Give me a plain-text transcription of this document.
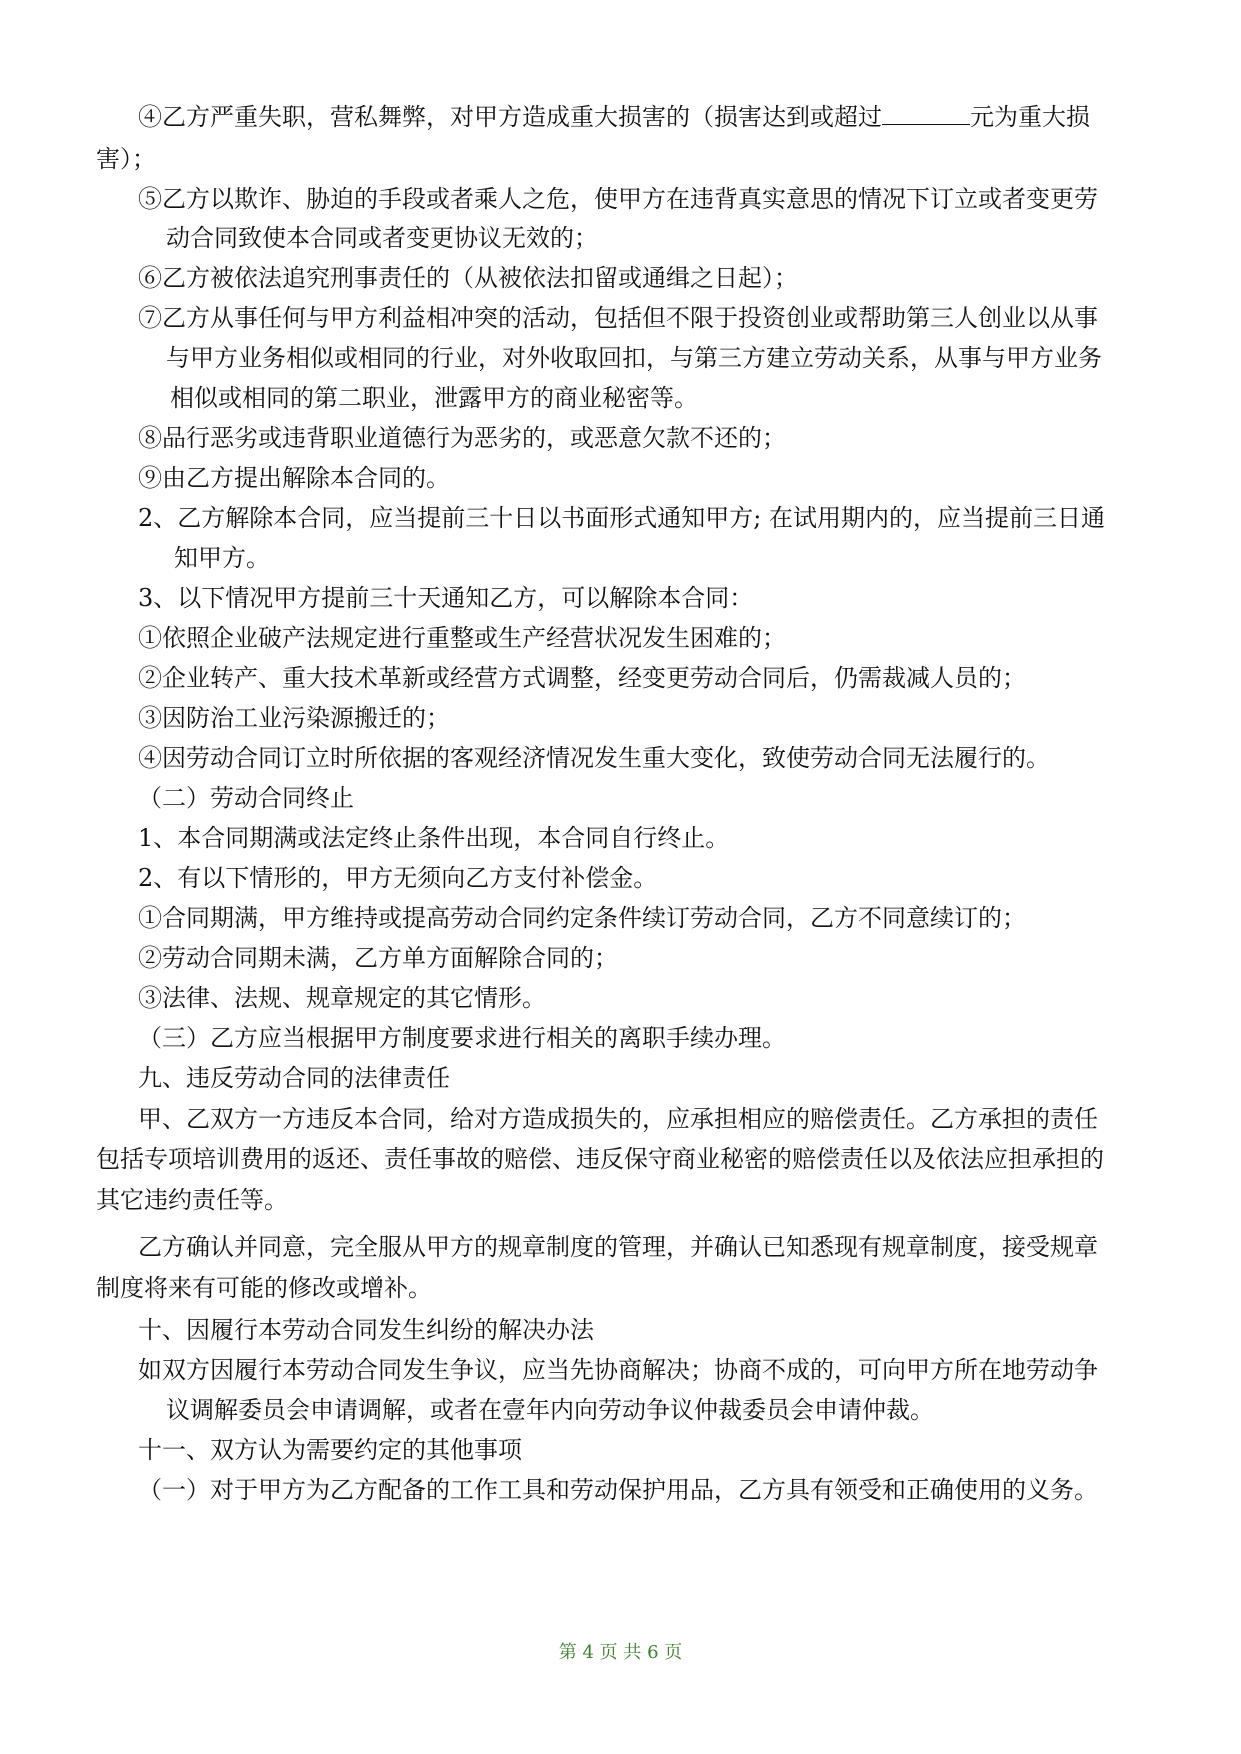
④乙方严重失职，营私舞弊，对甲方造成重大损害的（损害达到或超过	元为重大损

害）；

⑤乙方以欺诈、胁迫的手段或者乘人之危，使甲方在违背真实意思的情况下订立或者变更劳

动合同致使本合同或者变更协议无效的；

⑥乙方被依法追究刑事责任的（从被依法扣留或通缉之日起）；

⑦乙方从事任何与甲方利益相冲突的活动，包括但不限于投资创业或帮助第三人创业以从事

与甲方业务相似或相同的行业，对外收取回扣，与第三方建立劳动关系，从事与甲方业务

相似或相同的第二职业，泄露甲方的商业秘密等。

⑧品行恶劣或违背职业道德行为恶劣的，或恶意欠款不还的；

⑨由乙方提出解除本合同的。

2、乙方解除本合同，应当提前三十日以书面形式通知甲方; 在试用期内的，应当提前三日通

知甲方。

3、以下情况甲方提前三十天通知乙方，可以解除本合同：

①依照企业破产法规定进行重整或生产经营状况发生困难的；

②企业转产、重大技术革新或经营方式调整，经变更劳动合同后，仍需裁减人员的；

③因防治工业污染源搬迁的；

④因劳动合同订立时所依据的客观经济情况发生重大变化，致使劳动合同无法履行的。

（二）劳动合同终止

1、本合同期满或法定终止条件出现，本合同自行终止。

2、有以下情形的，甲方无须向乙方支付补偿金。

①合同期满，甲方维持或提高劳动合同约定条件续订劳动合同，乙方不同意续订的；

②劳动合同期未满，乙方单方面解除合同的；

③法律、法规、规章规定的其它情形。

（三）乙方应当根据甲方制度要求进行相关的离职手续办理。

九、违反劳动合同的法律责任

甲、乙双方一方违反本合同，给对方造成损失的，应承担相应的赔偿责任。乙方承担的责任

包括专项培训费用的返还、责任事故的赔偿、违反保守商业秘密的赔偿责任以及依法应担承担的

其它违约责任等。

乙方确认并同意，完全服从甲方的规章制度的管理，并确认已知悉现有规章制度，接受规章

制度将来有可能的修改或增补。

十、因履行本劳动合同发生纠纷的解决办法

如双方因履行本劳动合同发生争议，应当先协商解决；协商不成的，可向甲方所在地劳动争

议调解委员会申请调解，或者在壹年内向劳动争议仲裁委员会申请仲裁。

十一、双方认为需要约定的其他事项

（一）对于甲方为乙方配备的工作工具和劳动保护用品，乙方具有领受和正确使用的义务。

第 4 页 共 6 页
